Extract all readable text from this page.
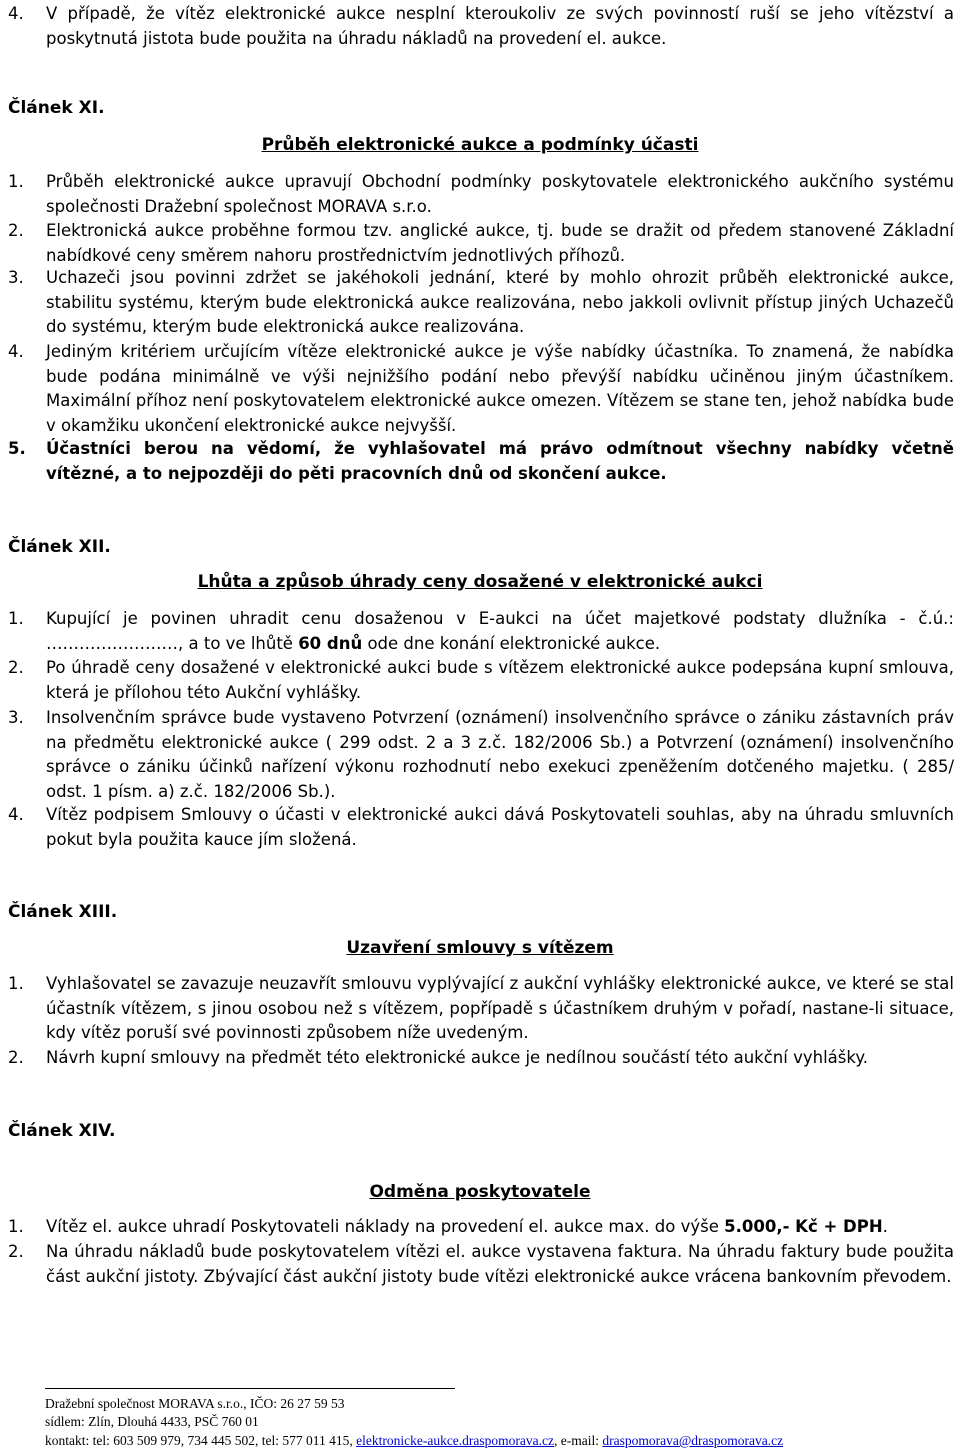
4.	V případě, že vítěz elektronické aukce nesplní kteroukoliv ze svých povinností ruší se jeho vítězství a poskytnutá jistota bude použita na úhradu nákladů na provedení el. aukce.
Článek XI.
Průběh elektronické aukce a podmínky účasti
1.	Průběh elektronické aukce upravují Obchodní podmínky poskytovatele elektronického aukčního systému společnosti Dražební společnost MORAVA s.r.o.
2.	Elektronická aukce proběhne formou tzv. anglické aukce, tj. bude se dražit od předem stanovené Základní nabídkové ceny směrem nahoru prostřednictvím jednotlivých příhozů.
3.	Uchazeči jsou povinni zdržet se jakéhokoli jednání, které by mohlo ohrozit průběh elektronické aukce, stabilitu systému, kterým bude elektronická aukce realizována, nebo jakkoli ovlivnit přístup jiných Uchazečů do systému, kterým bude elektronická aukce realizována.
4.	Jediným kritériem určujícím vítěze elektronické aukce je výše nabídky účastníka. To znamená, že nabídka bude podána minimálně ve výši nejnižšího podání nebo převýší nabídku učiněnou jiným účastníkem. Maximální příhoz není poskytovatelem elektronické aukce omezen. Vítězem se stane ten, jehož nabídka bude v okamžiku ukončení elektronické aukce nejvyšší.
5.	Účastníci berou na vědomí, že vyhlašovatel má právo odmítnout všechny nabídky včetně vítězné, a to nejpozději do pěti pracovních dnů od skončení aukce.
Článek XII.
Lhůta a způsob úhrady ceny dosažené v elektronické aukci
1.	Kupující je povinen uhradit cenu dosaženou v E-aukci na účet majetkové podstaty dlužníka - č.ú.: ……………………, a to ve lhůtě 60 dnů ode dne konání elektronické aukce.
2.	Po úhradě ceny dosažené v elektronické aukci bude s vítězem elektronické aukce podepsána kupní smlouva, která je přílohou této Aukční vyhlášky.
3.	Insolvenčním správce bude vystaveno Potvrzení (oznámení) insolvenčního správce o zániku zástavních práv na předmětu elektronické aukce ( 299 odst. 2 a 3 z.č. 182/2006 Sb.) a Potvrzení (oznámení) insolvenčního správce o zániku účinků nařízení výkonu rozhodnutí nebo exekuci zpeněžením dotčeného majetku. ( 285/ odst. 1 písm. a) z.č. 182/2006 Sb.).
4.	Vítěz podpisem Smlouvy o účasti v elektronické aukci dává Poskytovateli souhlas, aby na úhradu smluvních pokut byla použita kauce jím složená.
Článek XIII.
Uzavření smlouvy s vítězem
1.	Vyhlašovatel se zavazuje neuzavřít smlouvu vyplývající z aukční vyhlášky elektronické aukce, ve které se stal účastník vítězem, s jinou osobou než s vítězem, popřípadě s účastníkem druhým v pořadí, nastane-li situace, kdy vítěz poruší své povinnosti způsobem níže uvedeným.
2.	Návrh kupní smlouvy na předmět této elektronické aukce je nedílnou součástí této aukční vyhlášky.
Článek XIV.
Odměna poskytovatele
1.	Vítěz el. aukce uhradí Poskytovateli náklady na provedení el. aukce max. do výše 5.000,- Kč + DPH.
2.	Na úhradu nákladů bude poskytovatelem vítězi el. aukce vystavena faktura. Na úhradu faktury bude použita část aukční jistoty. Zbývající část aukční jistoty bude vítězi elektronické aukce vrácena bankovním převodem.
Dražební společnost MORAVA s.r.o., IČO: 26 27 59 53
sídlem: Zlín, Dlouhá 4433, PSČ 760 01
kontakt: tel: 603 509 979, 734 445 502, tel: 577 011 415, elektronicke-aukce.draspomorava.cz, e-mail: draspomorava@draspomorava.cz
